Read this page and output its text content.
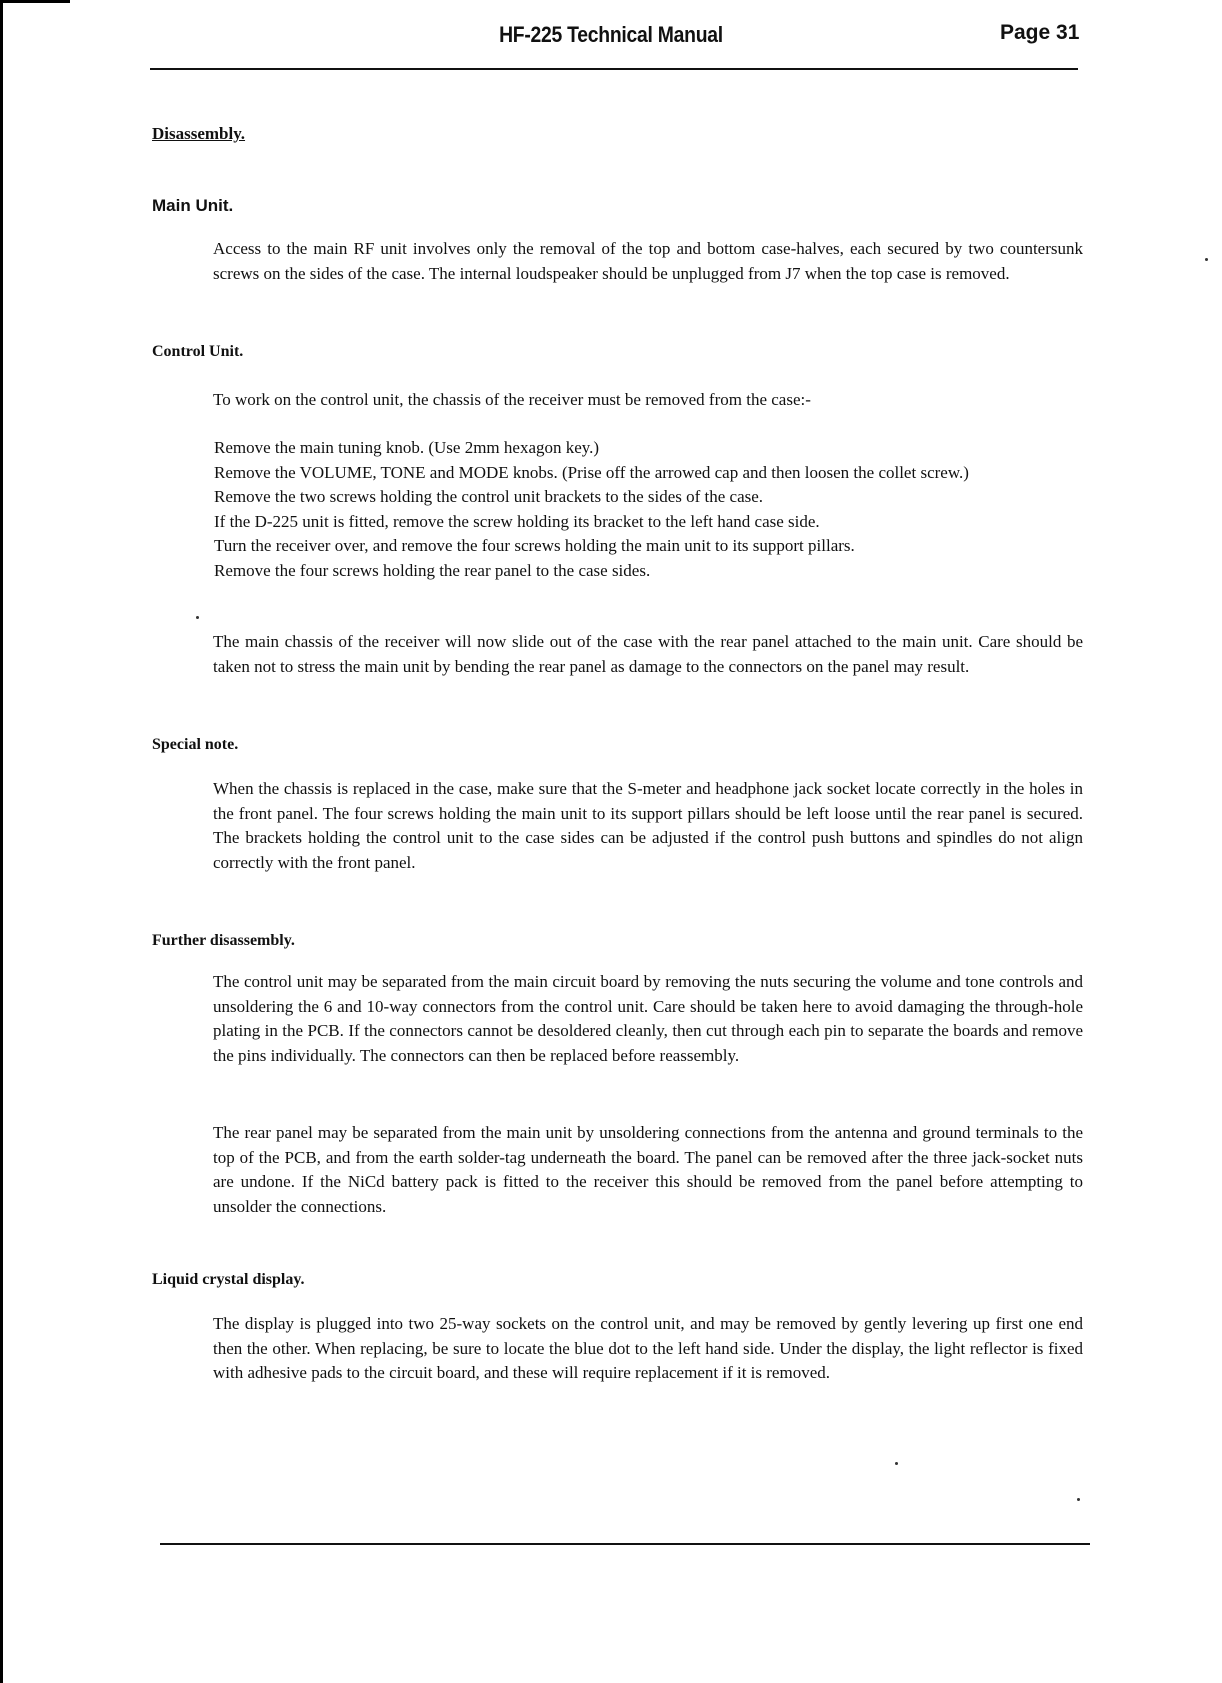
HF-225 Technical Manual	Page 31
Disassembly.
Main Unit.

Access to the main RF unit involves only the removal of the top and bottom case-halves, each secured by two countersunk screws on the sides of the case. The internal loudspeaker should be unplugged from J7 when the top case is removed.

Control Unit.

To work on the control unit, the chassis of the receiver must be removed from the case:-

Remove the main tuning knob. (Use 2mm hexagon key.)
Remove the VOLUME, TONE and MODE knobs. (Prise off the arrowed cap and then loosen the collet screw.)
Remove the two screws holding the control unit brackets to the sides of the case.
If the D-225 unit is fitted, remove the screw holding its bracket to the left hand case side.
Turn the receiver over, and remove the four screws holding the main unit to its support pillars.
Remove the four screws holding the rear panel to the case sides.

The main chassis of the receiver will now slide out of the case with the rear panel attached to the main unit. Care should be taken not to stress the main unit by bending the rear panel as damage to the connectors on the panel may result.

Special note.

When the chassis is replaced in the case, make sure that the S-meter and headphone jack socket locate correctly in the holes in the front panel. The four screws holding the main unit to its support pillars should be left loose until the rear panel is secured. The brackets holding the control unit to the case sides can be adjusted if the control push buttons and spindles do not align correctly with the front panel.

Further disassembly.

The control unit may be separated from the main circuit board by removing the nuts securing the volume and tone controls and unsoldering the 6 and 10-way connectors from the control unit. Care should be taken here to avoid damaging the through-hole plating in the PCB. If the connectors cannot be desoldered cleanly, then cut through each pin to separate the boards and remove the pins individually. The connectors can then be replaced before reassembly.

The rear panel may be separated from the main unit by unsoldering connections from the antenna and ground terminals to the top of the PCB, and from the earth solder-tag underneath the board. The panel can be removed after the three jack-socket nuts are undone. If the NiCd battery pack is fitted to the receiver this should be removed from the panel before attempting to unsolder the connections.

Liquid crystal display.

The display is plugged into two 25-way sockets on the control unit, and may be removed by gently levering up first one end then the other. When replacing, be sure to locate the blue dot to the left hand side. Under the display, the light reflector is fixed with adhesive pads to the circuit board, and these will require replacement if it is removed.
